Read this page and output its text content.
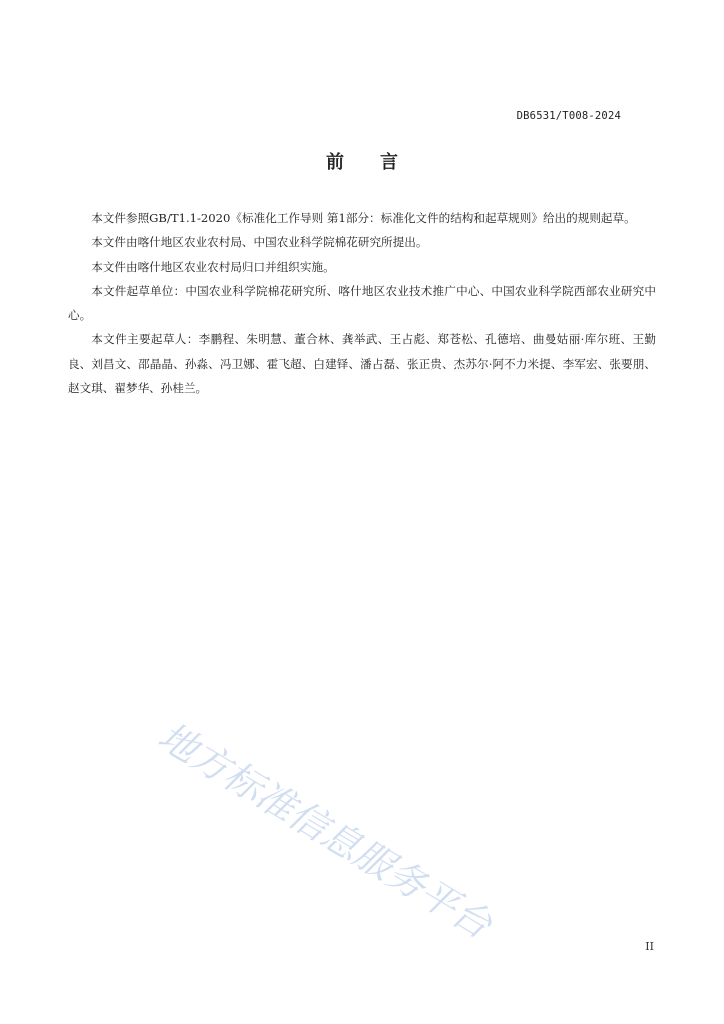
DB6531/T008-2024
前 言

本文件参照GB/T1.1-2020《标准化工作导则 第1部分：标准化文件的结构和起草规则》给出的规则起草。

本文件由喀什地区农业农村局、中国农业科学院棉花研究所提出。

本文件由喀什地区农业农村局归口并组织实施。

本文件起草单位：中国农业科学院棉花研究所、喀什地区农业技术推广中心、中国农业科学院西部农业研究中心。

本文件主要起草人：李鹏程、朱明慧、董合林、龚举武、王占彪、郑苍松、孔德培、曲曼姑丽·库尔班、王勤良、刘昌文、邵晶晶、孙淼、冯卫娜、霍飞超、白建铎、潘占磊、张正贵、杰苏尔·阿不力米提、李军宏、张要朋、赵文琪、翟梦华、孙桂兰。

地方标准信息服务平台	II
